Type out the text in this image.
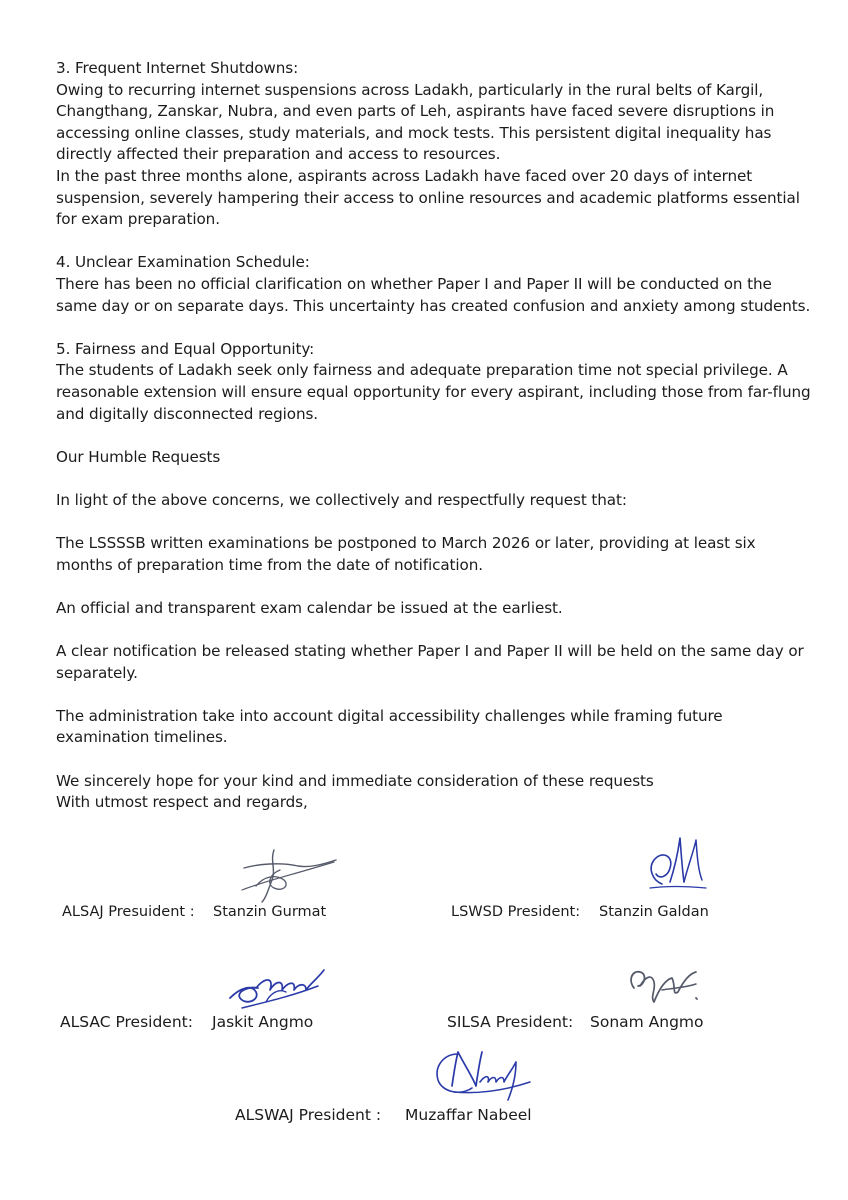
3. Frequent Internet Shutdowns:

Owing to recurring internet suspensions across Ladakh, particularly in the rural belts of Kargil, Changthang, Zanskar, Nubra, and even parts of Leh, aspirants have faced severe disruptions in accessing online classes, study materials, and mock tests. This persistent digital inequality has directly affected their preparation and access to resources.

In the past three months alone, aspirants across Ladakh have faced over 20 days of internet suspension, severely hampering their access to online resources and academic platforms essential for exam preparation.

4. Unclear Examination Schedule:

There has been no official clarification on whether Paper I and Paper II will be conducted on the same day or on separate days. This uncertainty has created confusion and anxiety among students.

5. Fairness and Equal Opportunity:

The students of Ladakh seek only fairness and adequate preparation time not special privilege. A reasonable extension will ensure equal opportunity for every aspirant, including those from far-flung and digitally disconnected regions.

Our Humble Requests

In light of the above concerns, we collectively and respectfully request that:

The LSSSSB written examinations be postponed to March 2026 or later, providing at least six months of preparation time from the date of notification.

An official and transparent exam calendar be issued at the earliest.

A clear notification be released stating whether Paper I and Paper II will be held on the same day or separately.

The administration take into account digital accessibility challenges while framing future examination timelines.

We sincerely hope for your kind and immediate consideration of these requests

With utmost respect and regards,

ALSAJ Presuident : Stanzin Gurmat	LSWSD President: Stanzin Galdan
ALSAC President: Jaskit Angmo	SILSA President: Sonam Angmo
ALSWAJ President : Muzaffar Nabeel
